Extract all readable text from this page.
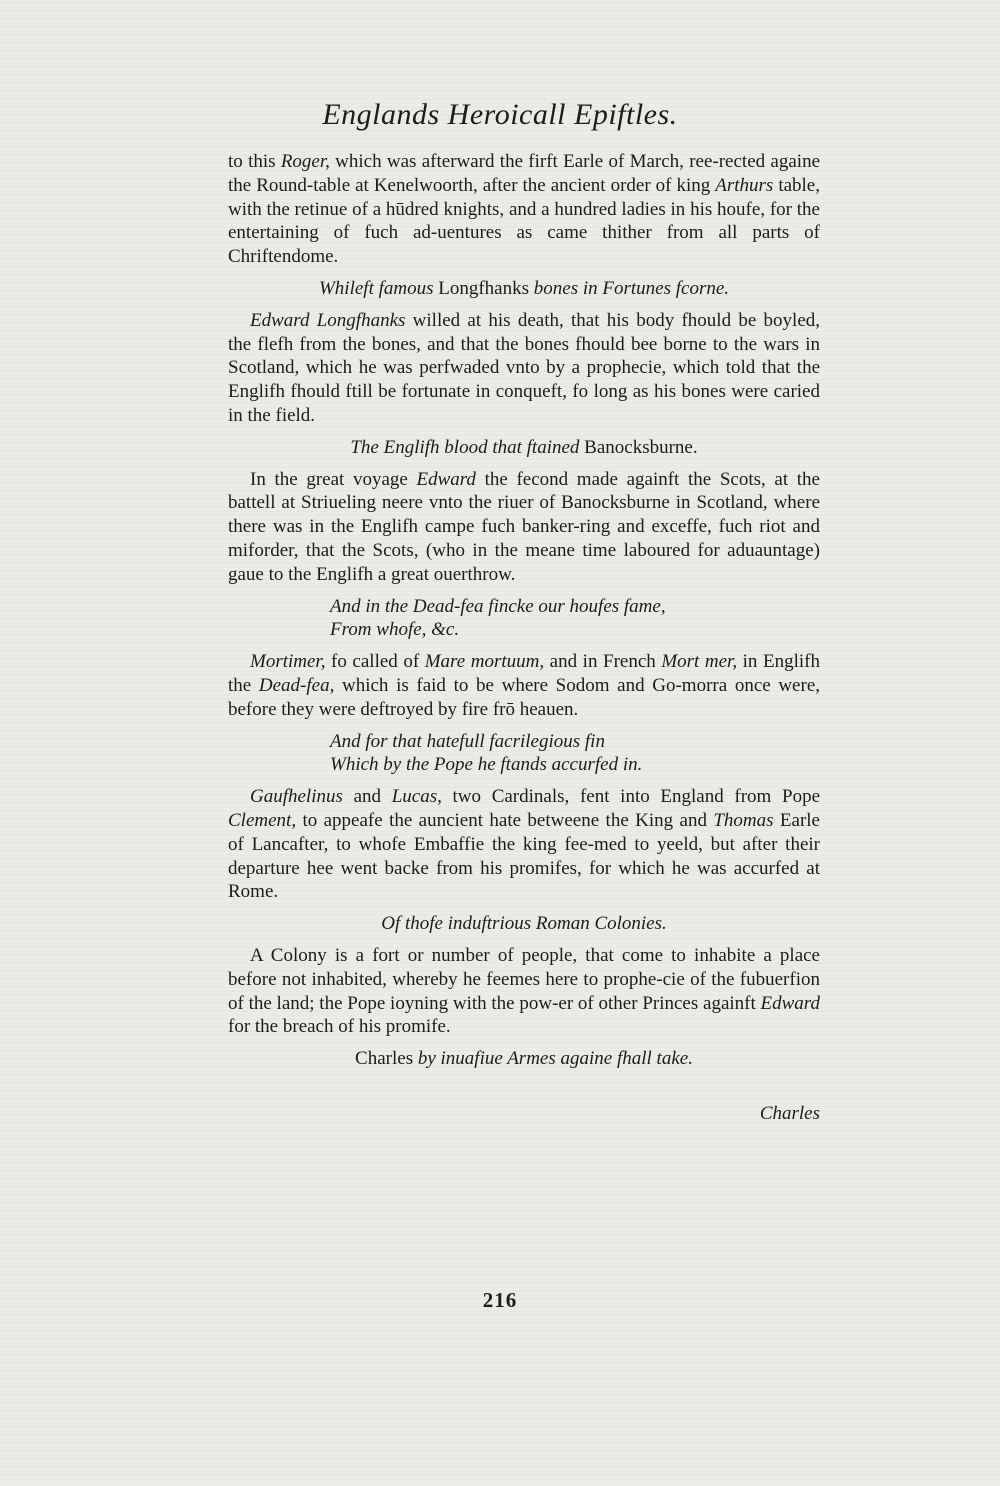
Englands Heroicall Epiftles.

to this Roger, which was afterward the firft Earle of March, ree-rected againe the Round-table at Kenelwoorth, after the ancient order of king Arthurs table, with the retinue of a hūdred knights, and a hundred ladies in his houfe, for the entertaining of fuch ad-uentures as came thither from all parts of Chriftendome.

Whileft famous Longfhanks bones in Fortunes fcorne.

Edward Longfhanks willed at his death, that his body fhould be boyled, the flefh from the bones, and that the bones fhould bee borne to the wars in Scotland, which he was perfwaded vnto by a prophecie, which told that the Englifh fhould ftill be fortunate in conqueft, fo long as his bones were caried in the field.

The Englifh blood that ftained Banocksburne.

In the great voyage Edward the fecond made againft the Scots, at the battell at Striueling neere vnto the riuer of Banocksburne in Scotland, where there was in the Englifh campe fuch banker-ring and exceffe, fuch riot and miforder, that the Scots, (who in the meane time laboured for aduauntage) gaue to the Englifh a great ouerthrow.

And in the Dead-fea fincke our houfes fame,
From whofe, &c.

Mortimer, fo called of Mare mortuum, and in French Mort mer, in Englifh the Dead-fea, which is faid to be where Sodom and Go-morra once were, before they were deftroyed by fire frō heauen.

And for that hatefull facrilegious fin
Which by the Pope he ftands accurfed in.

Gaufhelinus and Lucas, two Cardinals, fent into England from Pope Clement, to appeafe the auncient hate betweene the King and Thomas Earle of Lancafter, to whofe Embaffie the king fee-med to yeeld, but after their departure hee went backe from his promifes, for which he was accurfed at Rome.

Of thofe induftrious Roman Colonies.

A Colony is a fort or number of people, that come to inhabite a place before not inhabited, whereby he feemes here to prophe-cie of the fubuerfion of the land; the Pope ioyning with the pow-er of other Princes againft Edward for the breach of his promife.

Charles by inuafiue Armes againe fhall take.
Charles
216
